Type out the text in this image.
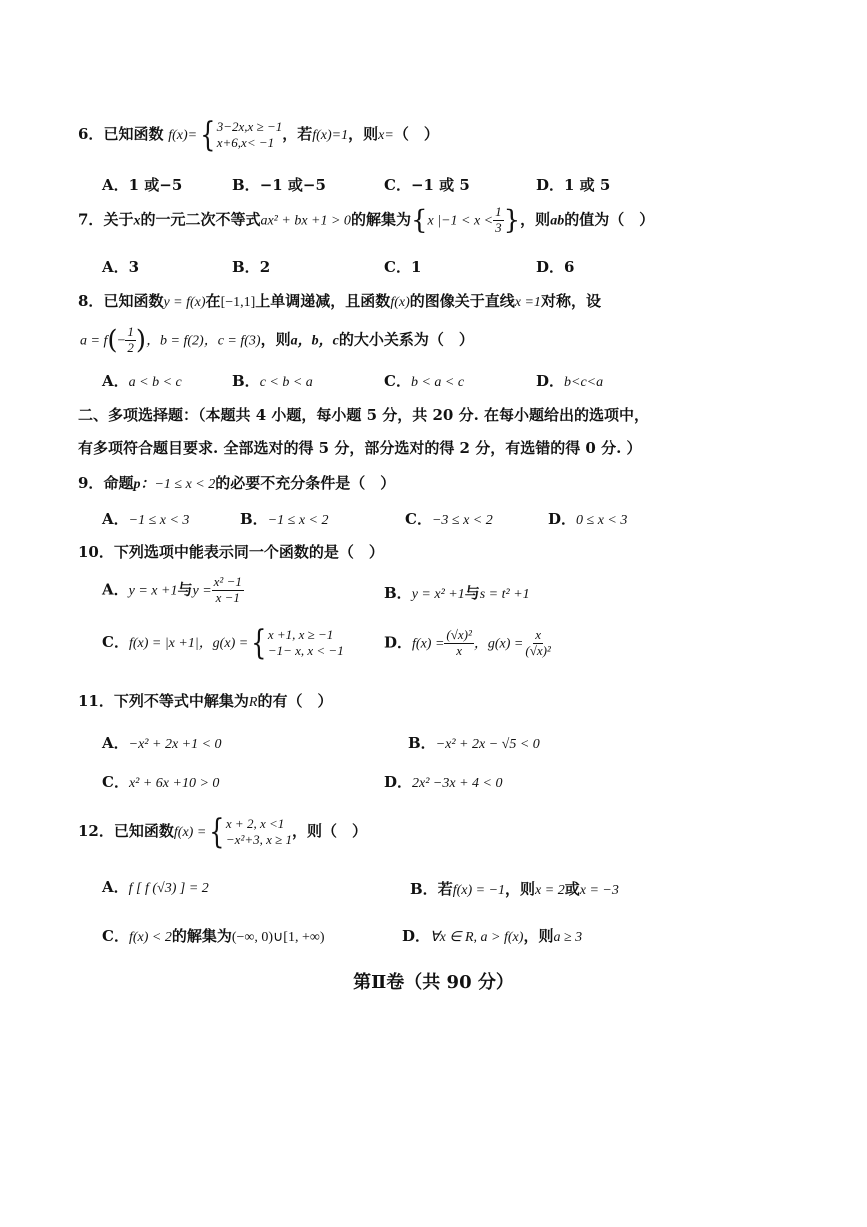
6．已知函数 f(x)= { 3−2x,x ≥ −1
x+6,x< −1 ，若f(x)=1，则x=（　）
A．1 或−5	B．−1 或−5	C．−1 或 5	D．1 或 5
7．关于x的一元二次不等式ax² + bx +1 > 0的解集为{x $|-1 < x < \frac{1}{3}$ }，则ab的值为（　）
A．3	B．2	C．1	D．6
8．已知函数y = f(x)在[−1,1]上单调递减，且函数f(x)的图像关于直线x =1对称，设
$a = f(- \frac{1}{2}$ )，b = f(2)，c = f(3)，则a，b，c的大小关系为（　）
A．a < b < c	B．c < b < a	C．b < a < c	D．b<c<a
二、多项选择题：（本题共 4 小题，每小题 5 分，共 20 分. 在每小题给出的选项中，
有多项符合题目要求. 全部选对的得 5 分，部分选对的得 2 分，有选错的得 0 分. ）
9．命题p：−1 ≤ x < 2的必要不充分条件是（　）
A．−1 ≤ x < 3	B．−1 ≤ x < 2	C．−3 ≤ x < 2	D．0 ≤ x < 3
10．下列选项中能表示同一个函数的是（　）
A．y = x +1与$y = \frac{\text{x² −1}}{x -1}$	B．y = x² +1与s = t² +1
C．f(x) = |x +1|，g(x) = { x +1, x ≥ −1
−1− x, x < −1	D．$f(x) = \frac{\text{(√x)²}}{x}$ ，$g(x) = \frac{x}{\text{(√x)²}}$
11．下列不等式中解集为R的有（　）
A．−x² + 2x +1 < 0	B．−x² + 2x − √5 < 0
C．x² + 6x +10 > 0	D．2x² −3x + 4 < 0
12．已知函数f(x) = { x + 2, x <1
−x²+3, x ≥ 1 ，则（　）
A．f [ f (√3) ] = 2	B．若f(x) = −1，则x = 2或x = −3
C．f(x) < 2的解集为(−∞, 0)∪[1, +∞)	D．∀x ∈ R, a > f(x)，则a ≥ 3
第Ⅱ卷（共 90 分）
